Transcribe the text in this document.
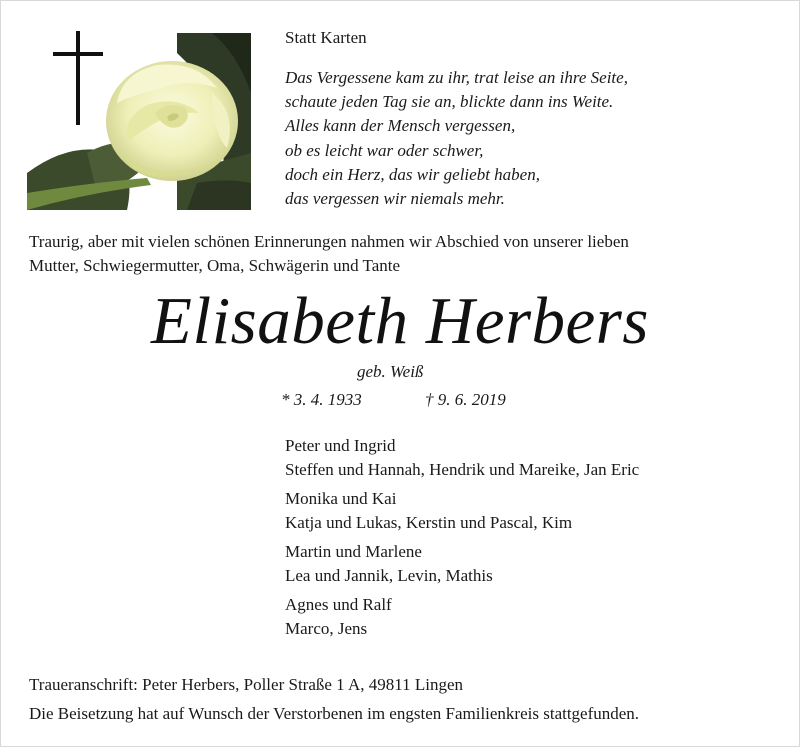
Statt Karten
Das Vergessene kam zu ihr, trat leise an ihre Seite,
schaute jeden Tag sie an, blickte dann ins Weite.
Alles kann der Mensch vergessen,
ob es leicht war oder schwer,
doch ein Herz, das wir geliebt haben,
das vergessen wir niemals mehr.
Traurig, aber mit vielen schönen Erinnerungen nahmen wir Abschied von unserer lieben
Mutter, Schwiegermutter, Oma, Schwägerin und Tante
Elisabeth Herbers
geb. Weiß
* 3. 4. 1933	† 9. 6. 2019
Peter und Ingrid
Steffen und Hannah, Hendrik und Mareike, Jan Eric
Monika und Kai
Katja und Lukas, Kerstin und Pascal, Kim
Martin und Marlene
Lea und Jannik, Levin, Mathis
Agnes und Ralf
Marco, Jens
Traueranschrift: Peter Herbers, Poller Straße 1 A, 49811 Lingen
Die Beisetzung hat auf Wunsch der Verstorbenen im engsten Familienkreis stattgefunden.
